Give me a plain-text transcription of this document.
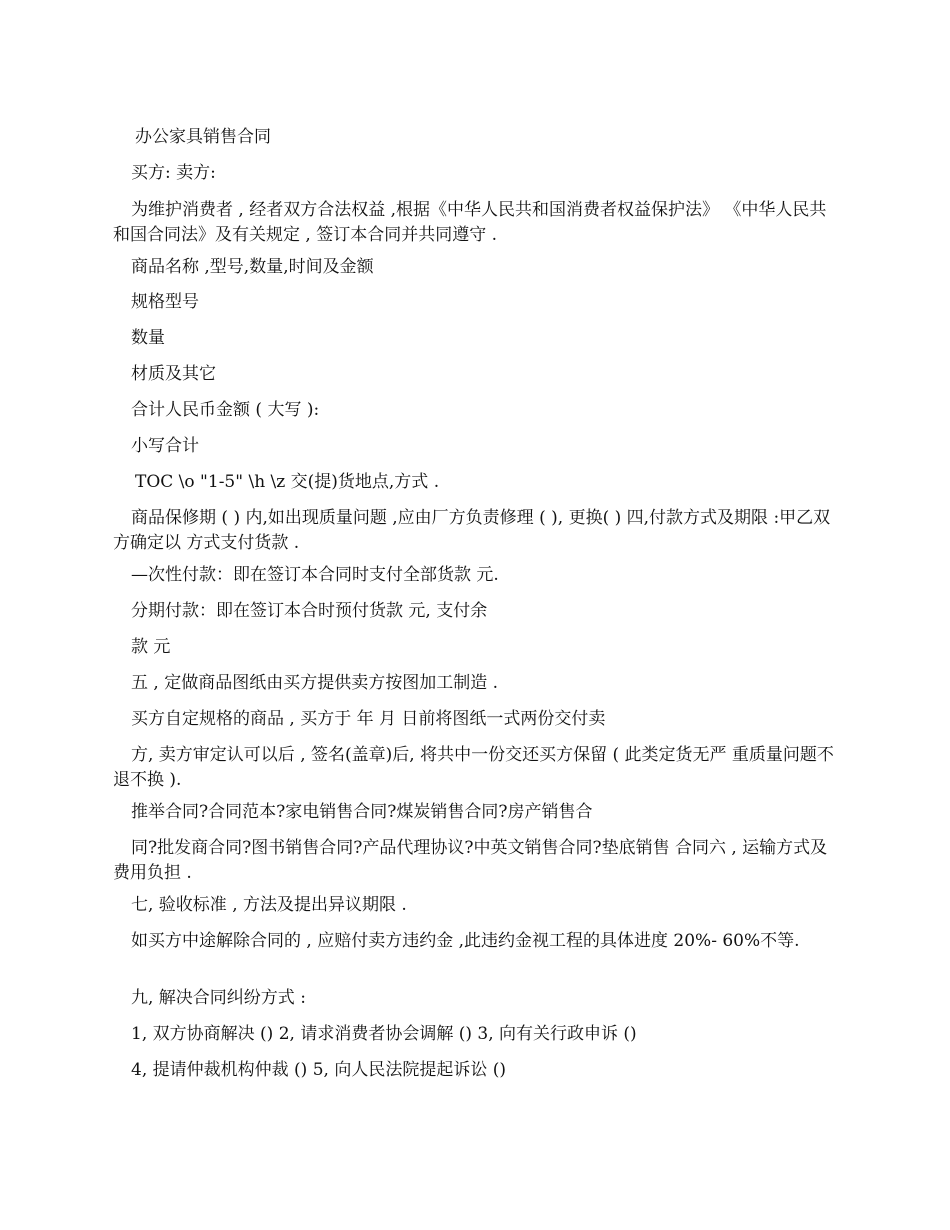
办公家具销售合同

买方: 卖方:

为维护消费者 , 经者双方合法权益 ,根据《中华人民共和国消费者权益保护法》 《中华人民共和国合同法》及有关规定 , 签订本合同并共同遵守 .

商品名称 ,型号,数量,时间及金额

规格型号

数量

材质及其它

合计人民币金额 ( 大写 ):

小写合计

TOC \o "1-5" \h \z 交(提)货地点,方式 .

商品保修期 ( ) 内,如出现质量问题 ,应由厂方负责修理 ( ), 更换( ) 四,付款方式及期限 :甲乙双方确定以 方式支付货款 .

—次性付款：即在签订本合同时支付全部货款 元.

分期付款：即在签订本合时预付货款 元, 支付余

款 元

五 , 定做商品图纸由买方提供卖方按图加工制造 .

买方自定规格的商品 , 买方于 年 月 日前将图纸一式两份交付卖

方, 卖方审定认可以后 , 签名(盖章)后, 将共中一份交还买方保留 ( 此类定货无严 重质量问题不退不换 ).

推举合同?合同范本?家电销售合同?煤炭销售合同?房产销售合

同?批发商合同?图书销售合同?产品代理协议?中英文销售合同?垫底销售 合同六 , 运输方式及费用负担 .

七, 验收标准 , 方法及提出异议期限 .

如买方中途解除合同的 , 应赔付卖方违约金 ,此违约金视工程的具体进度 20%- 60%不等.

九, 解决合同纠纷方式 :

1, 双方协商解决 () 2, 请求消费者协会调解 () 3, 向有关行政申诉 ()

4, 提请仲裁机构仲裁 () 5, 向人民法院提起诉讼 ()
